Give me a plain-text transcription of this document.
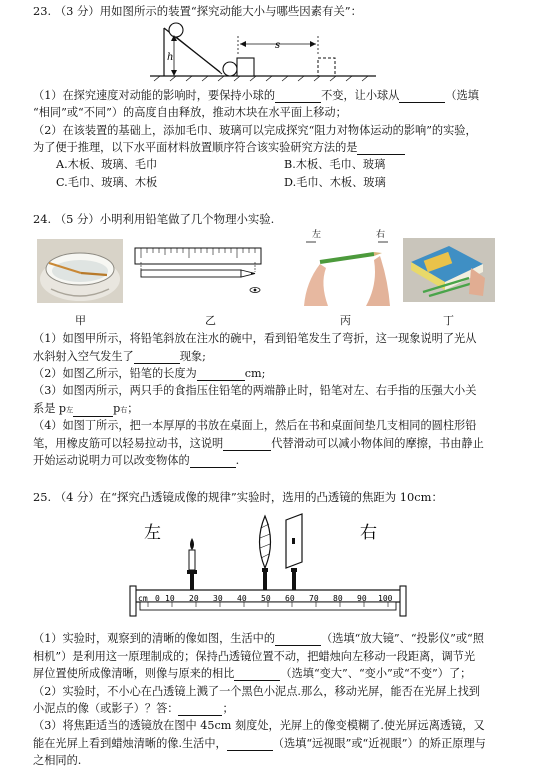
23. （3 分）用如图所示的装置“探究动能大小与哪些因素有关”：
h
s
（1）在探究速度对动能的影响时，要保持小球的	不变，让小球从	（选填
“相同”或“不同”）的高度自由释放，推动木块在水平面上移动；
（2）在该装置的基础上，添加毛巾、玻璃可以完成探究“阻力对物体运动的影响”的实验，
为了便于推理，以下水平面材料放置顺序符合该实验研究方法的是
A.木板、玻璃、毛巾	B.木板、毛巾、玻璃
C.毛巾、玻璃、木板	D.毛巾、木板、玻璃
24. （5 分）小明利用铅笔做了几个物理小实验.
甲	乙
左	右
丙	丁
（1）如图甲所示，将铅笔斜放在注水的碗中，看到铅笔发生了弯折，这一现象说明了光从
水斜射入空气发生了	现象;
（2）如图乙所示，铅笔的长度为	cm;
（3）如图丙所示，两只手的食指压住铅笔的两端静止时，铅笔对左、右手指的压强大小关
系是 p左	p右；
（4）如图丁所示，把一本厚厚的书放在桌面上，然后在书和桌面间垫几支相同的圆柱形铅
笔，用橡皮筋可以轻易拉动书，这说明	代替滑动可以减小物体间的摩擦，书由静止
开始运动说明力可以改变物体的	.
25. （4 分）在“探究凸透镜成像的规律”实验时，选用的凸透镜的焦距为 10cm：
左	右
cm 0 10 20 30 40 50 60 70 80 90 100
（1）实验时，观察到的清晰的像如图，生活中的	（选填“放大镜”、“投影仪”或“照
相机”）是利用这一原理制成的；保持凸透镜位置不动，把蜡烛向左移动一段距离，调节光
屏位置使所成像清晰，则像与原来的相比	（选填“变大”、“变小”或“不变”）了；
（2）实验时，不小心在凸透镜上溅了一个黑色小泥点.那么，移动光屏，能否在光屏上找到
小泥点的像（或影子）？答：	；
（3）将焦距适当的透镜放在图中 45cm 刻度处，光屏上的像变模糊了.使光屏远离透镜，又
能在光屏上看到蜡烛清晰的像.生活中，	（选填“远视眼”或“近视眼”）的矫正原理与
之相同的.
